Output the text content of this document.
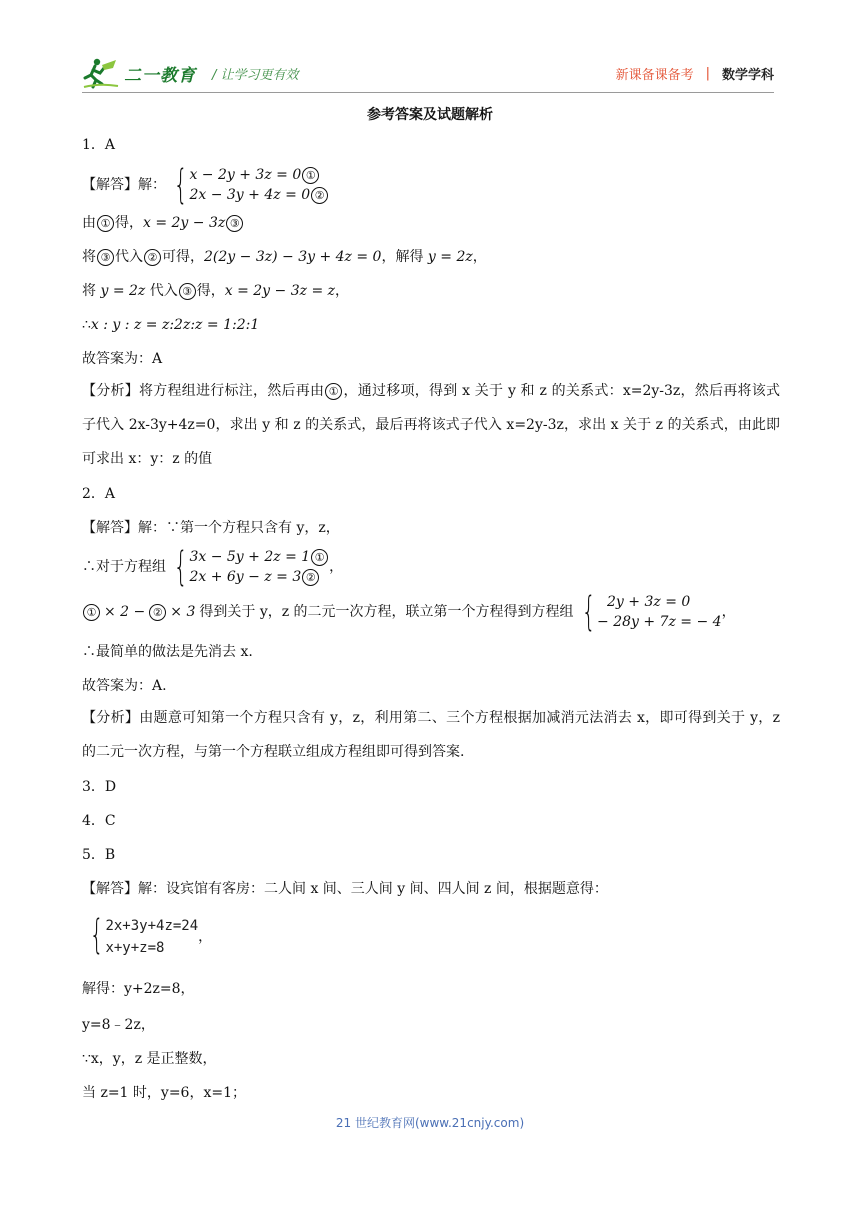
二一教育 / 让学习更有效	新课备课备考 | 数学学科
参考答案及试题解析
1．A
【解答】解： { x − 2y + 3z = 0 ①
2x − 3y + 4z = 0 ②
由 ① 得，x = 2y − 3z ③
将 ③ 代入 ② 可得，2(2y − 3z) − 3y + 4z = 0，解得 y = 2z，
将 y = 2z 代入 ③ 得，x = 2y − 3z = z，
∴x : y : z = z:2z:z = 1:2:1
故答案为：A
【分析】将方程组进行标注，然后再由 ① ，通过移项，得到 x 关于 y 和 z 的关系式：x=2y-3z，然后再将该式子代入 2x-3y+4z=0，求出 y 和 z 的关系式，最后再将该式子代入 x=2y-3z，求出 x 关于 z 的关系式，由此即可求出 x：y：z 的值
2．A
【解答】解：∵第一个方程只含有 y，z，
∴对于方程组 { 3x − 5y + 2z = 1 ①
2x + 6y − z = 3 ②
，
① × 2 − ② × 3 得到关于 y，z 的二元一次方程，联立第一个方程得到方程组 { 2y + 3z = 0
− 28y + 7z = − 4
，
∴最简单的做法是先消去 x.
故答案为：A.
【分析】由题意可知第一个方程只含有 y，z，利用第二、三个方程根据加减消元法消去 x，即可得到关于 y，z 的二元一次方程，与第一个方程联立组成方程组即可得到答案.
3．D
4．C
5．B
【解答】解：设宾馆有客房：二人间 x 间、三人间 y 间、四人间 z 间，根据题意得：
{ 2x+3y+4z=24
x+y+z=8
，
解得：y+2z=8，
y=8﹣2z，
∵x，y，z 是正整数，
当 z=1 时，y=6，x=1；
21 世纪教育网(www.21cnjy.com)
